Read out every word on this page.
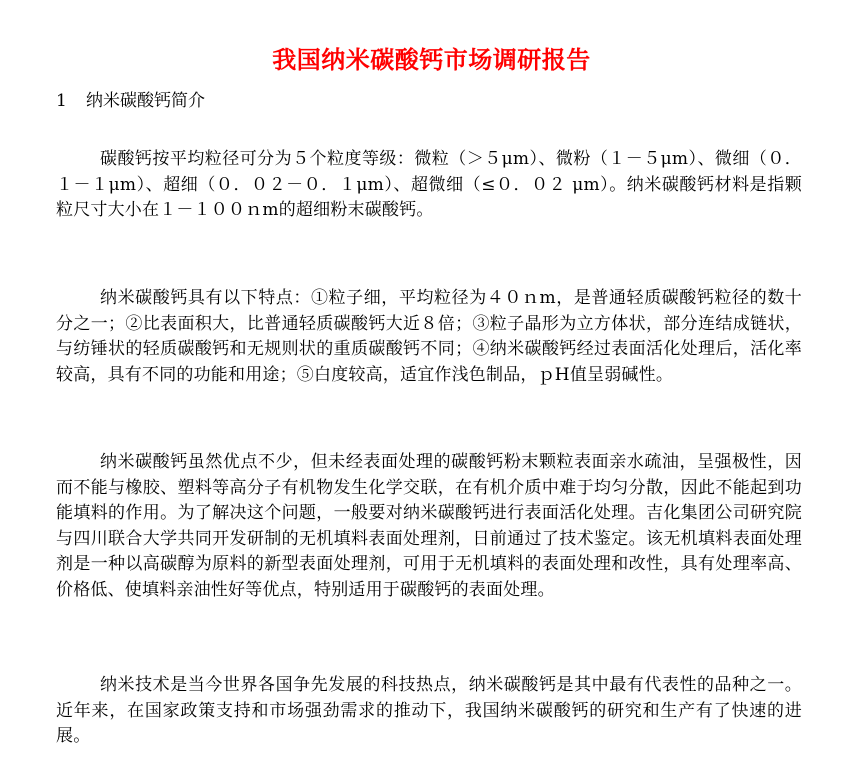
我国纳米碳酸钙市场调研报告
1 纳米碳酸钙简介

碳酸钙按平均粒径可分为５个粒度等级：微粒（＞５μm）、微粉（１－５μm）、微细（０．１－１μm）、超细（０．０２－０．１μm）、超微细（≤０．０２ μm）。纳米碳酸钙材料是指颗粒尺寸大小在１－１００ｎm的超细粉末碳酸钙。

纳米碳酸钙具有以下特点：①粒子细，平均粒径为４０ｎm，是普通轻质碳酸钙粒径的数十分之一；②比表面积大，比普通轻质碳酸钙大近８倍；③粒子晶形为立方体状，部分连结成链状，与纺锤状的轻质碳酸钙和无规则状的重质碳酸钙不同；④纳米碳酸钙经过表面活化处理后，活化率较高，具有不同的功能和用途；⑤白度较高，适宜作浅色制品，ｐH值呈弱碱性。

纳米碳酸钙虽然优点不少，但未经表面处理的碳酸钙粉末颗粒表面亲水疏油，呈强极性，因而不能与橡胶、塑料等高分子有机物发生化学交联，在有机介质中难于均匀分散，因此不能起到功能填料的作用。为了解决这个问题，一般要对纳米碳酸钙进行表面活化处理。吉化集团公司研究院与四川联合大学共同开发研制的无机填料表面处理剂，日前通过了技术鉴定。该无机填料表面处理剂是一种以高碳醇为原料的新型表面处理剂，可用于无机填料的表面处理和改性，具有处理率高、价格低、使填料亲油性好等优点，特别适用于碳酸钙的表面处理。

纳米技术是当今世界各国争先发展的科技热点，纳米碳酸钙是其中最有代表性的品种之一。近年来，在国家政策支持和市场强劲需求的推动下，我国纳米碳酸钙的研究和生产有了快速的进展。
